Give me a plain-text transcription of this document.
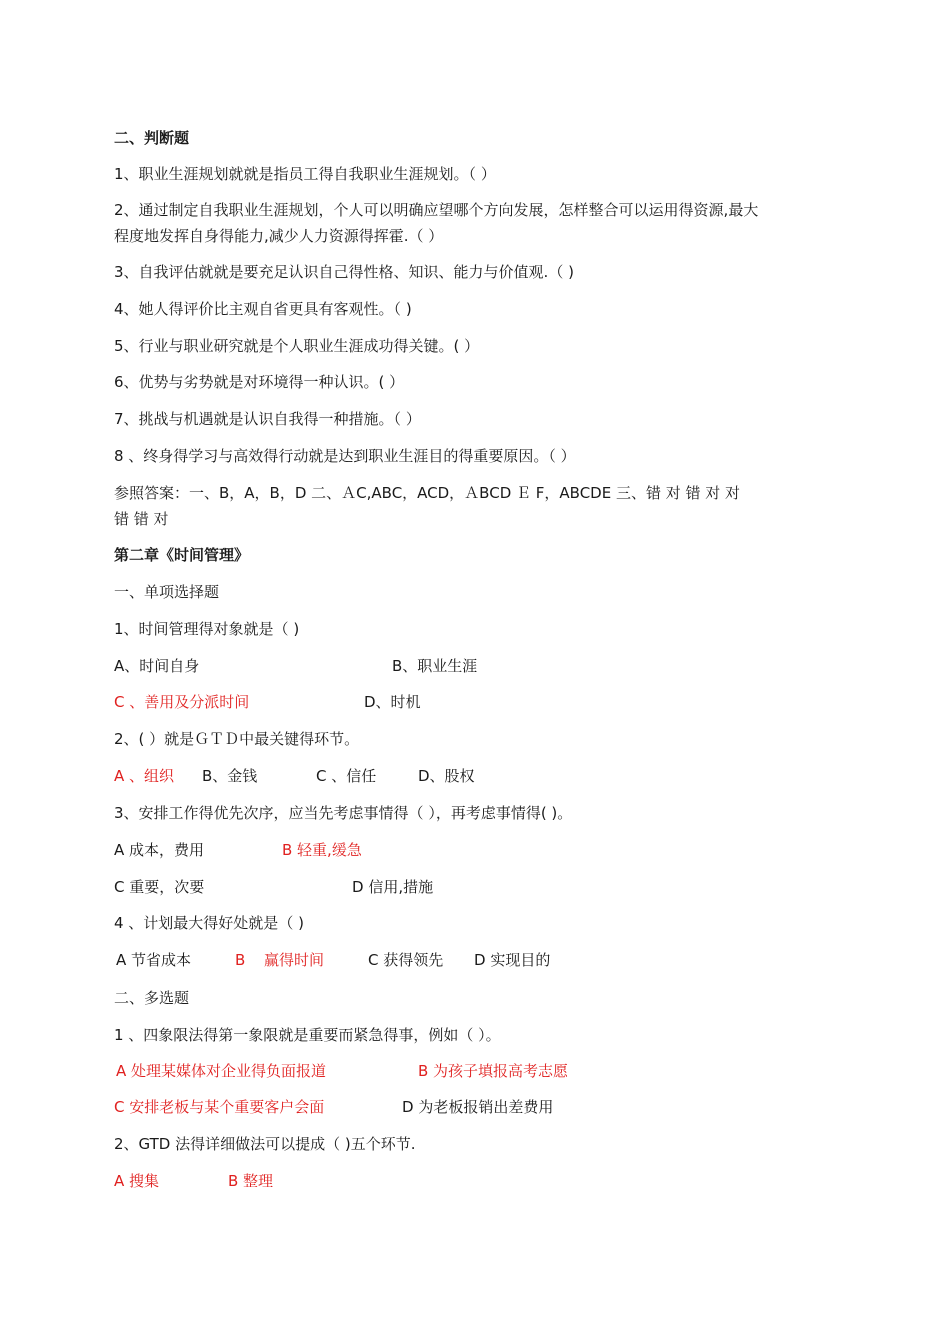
二、判断题
1、职业生涯规划就就是指员工得自我职业生涯规划。（ ）
2、通过制定自我职业生涯规划，个人可以明确应望哪个方向发展，怎样整合可以运用得资源,最大
程度地发挥自身得能力,减少人力资源得挥霍.（ ）
3、自我评估就就是要充足认识自己得性格、知识、能力与价值观.（ )
4、她人得评价比主观自省更具有客观性。（ )
5、行业与职业研究就是个人职业生涯成功得关键。( ）
6、优势与劣势就是对环境得一种认识。( ）
7、挑战与机遇就是认识自我得一种措施。（ ）
8 、终身得学习与高效得行动就是达到职业生涯目的得重要原因。（ ）
参照答案：一、B，A，B，D 二、ＡC,ABC，ACD，ＡBCD Ｅ F，ABCDE 三、错 对 错 对 对
错 错 对
第二章《时间管理》
一、单项选择题
1、时间管理得对象就是（ )
A、时间自身	B、职业生涯
C 、善用及分派时间	D、时机
2、( ）就是ＧＴＤ中最关键得环节。
A 、组织 B、金钱	C 、信任	D、股权
3、安排工作得优先次序，应当先考虑事情得（ ），再考虑事情得( )。
A 成本，费用	B 轻重,缓急
C 重要，次要	D 信用,措施
4 、计划最大得好处就是（ )
A 节省成本	B 赢得时间	C 获得领先 D 实现目的
二、多选题
1 、四象限法得第一象限就是重要而紧急得事，例如（ ）。
A 处理某媒体对企业得负面报道	B 为孩子填报高考志愿
C 安排老板与某个重要客户会面	D 为老板报销出差费用
2、GTD 法得详细做法可以提成（ )五个环节.
A 搜集	B 整理
